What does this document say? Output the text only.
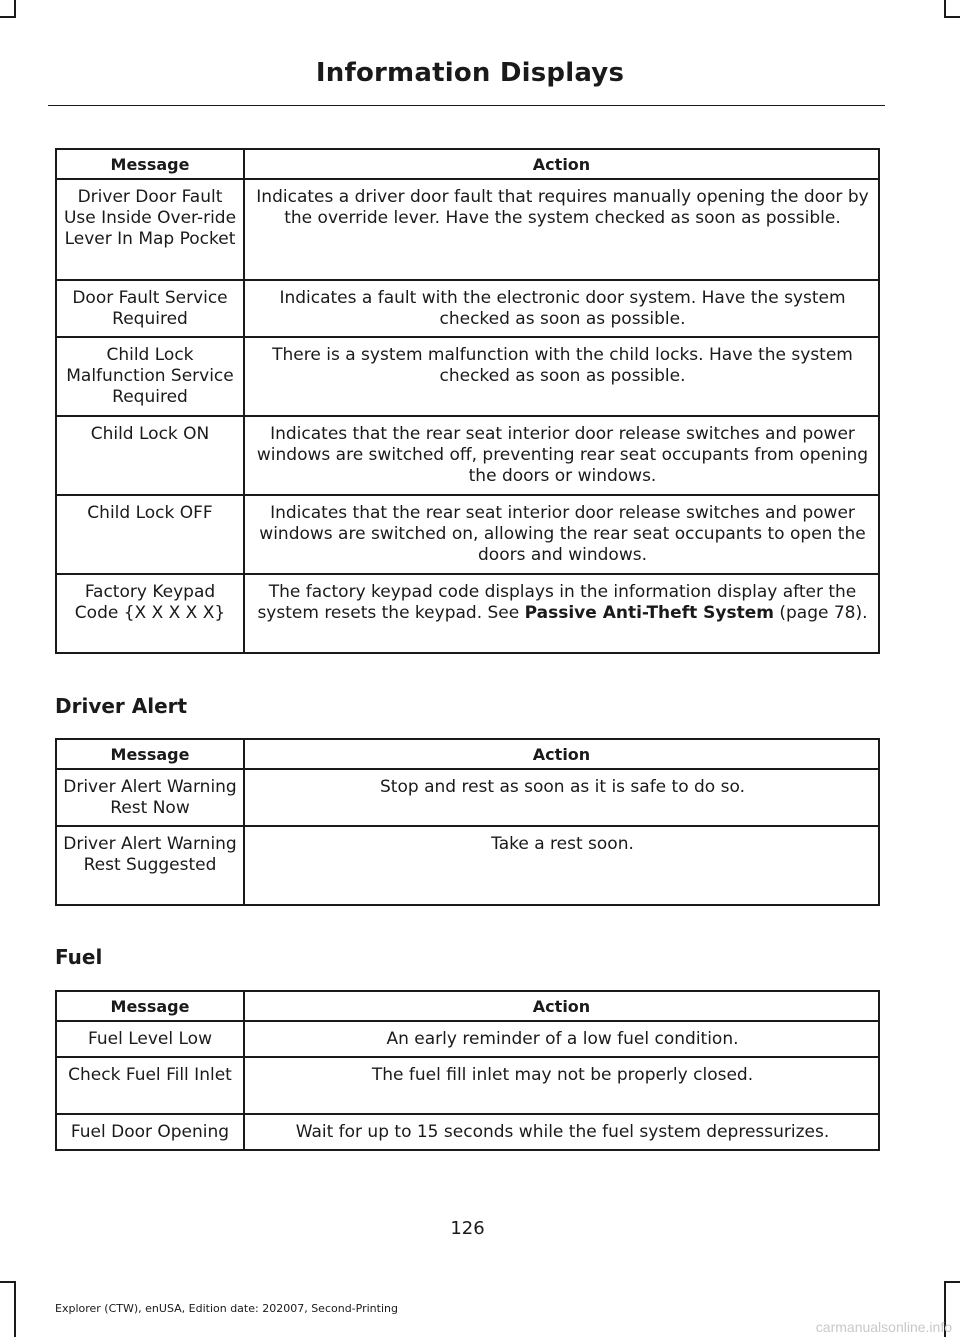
Information Displays
Message	Action
Driver Door Fault Use Inside Over-ride Lever In Map Pocket	Indicates a driver door fault that requires manually opening the door by the override lever. Have the system checked as soon as possible.
Door Fault Service Required	Indicates a fault with the electronic door system. Have the system checked as soon as possible.
Child Lock Malfunction Service Required	There is a system malfunction with the child locks. Have the system checked as soon as possible.
Child Lock ON	Indicates that the rear seat interior door release switches and power windows are switched off, preventing rear seat occupants from opening the doors or windows.
Child Lock OFF	Indicates that the rear seat interior door release switches and power windows are switched on, allowing the rear seat occupants to open the doors and windows.
Factory Keypad Code {X X X X X}	The factory keypad code displays in the information display after the system resets the keypad. See Passive Anti-Theft System (page 78).
Driver Alert
Message	Action
Driver Alert Warning Rest Now	Stop and rest as soon as it is safe to do so.
Driver Alert Warning Rest Suggested	Take a rest soon.
Fuel
Message	Action
Fuel Level Low	An early reminder of a low fuel condition.
Check Fuel Fill Inlet	The fuel fill inlet may not be properly closed.
Fuel Door Opening	Wait for up to 15 seconds while the fuel system depressurizes.
126
Explorer (CTW), enUSA, Edition date: 202007, Second-Printing
carmanualsonline.info
